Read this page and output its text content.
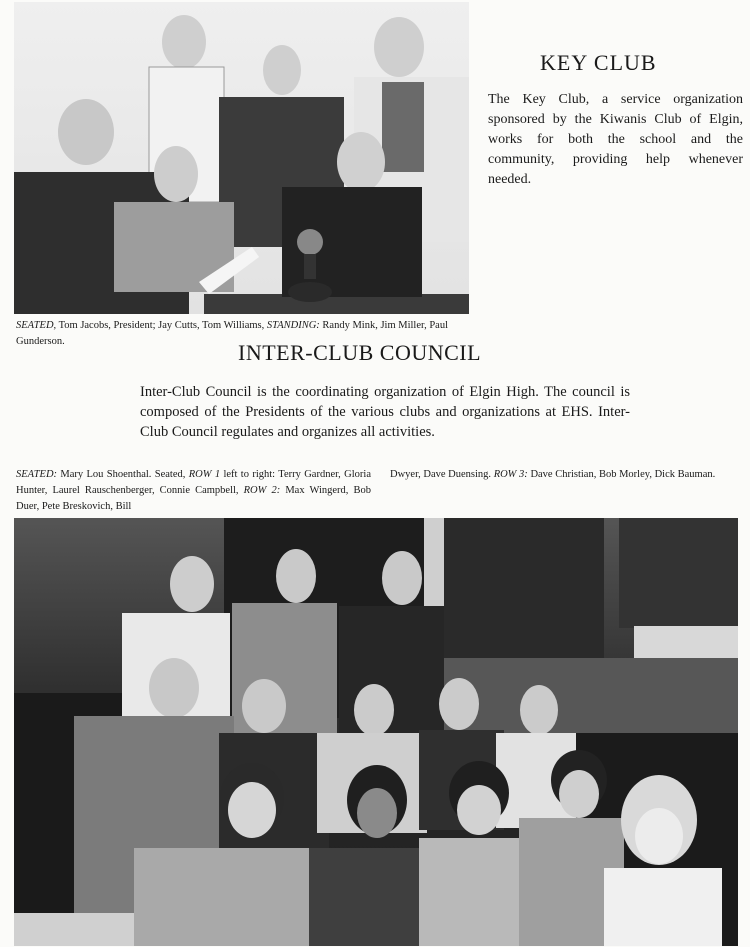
KEY CLUB

The Key Club, a service organization sponsored by the Kiwanis Club of Elgin, works for both the school and the community, providing help whenever needed.

SEATED, Tom Jacobs, President; Jay Cutts, Tom Williams, STANDING: Randy Mink, Jim Miller, Paul Gunderson.	INTER-CLUB COUNCIL

Inter-Club Council is the coordinating organization of Elgin High. The council is composed of the Presidents of the various clubs and organizations at EHS. Inter-Club Council regulates and organizes all activities.

SEATED: Mary Lou Shoenthal. Seated, ROW 1 left to right: Terry Gardner, Gloria Hunter, Laurel Rauschenberger, Connie Campbell, ROW 2: Max Wingerd, Bob Duer, Pete Breskovich, Bill

Dwyer, Dave Duensing. ROW 3: Dave Christian, Bob Morley, Dick Bauman.
